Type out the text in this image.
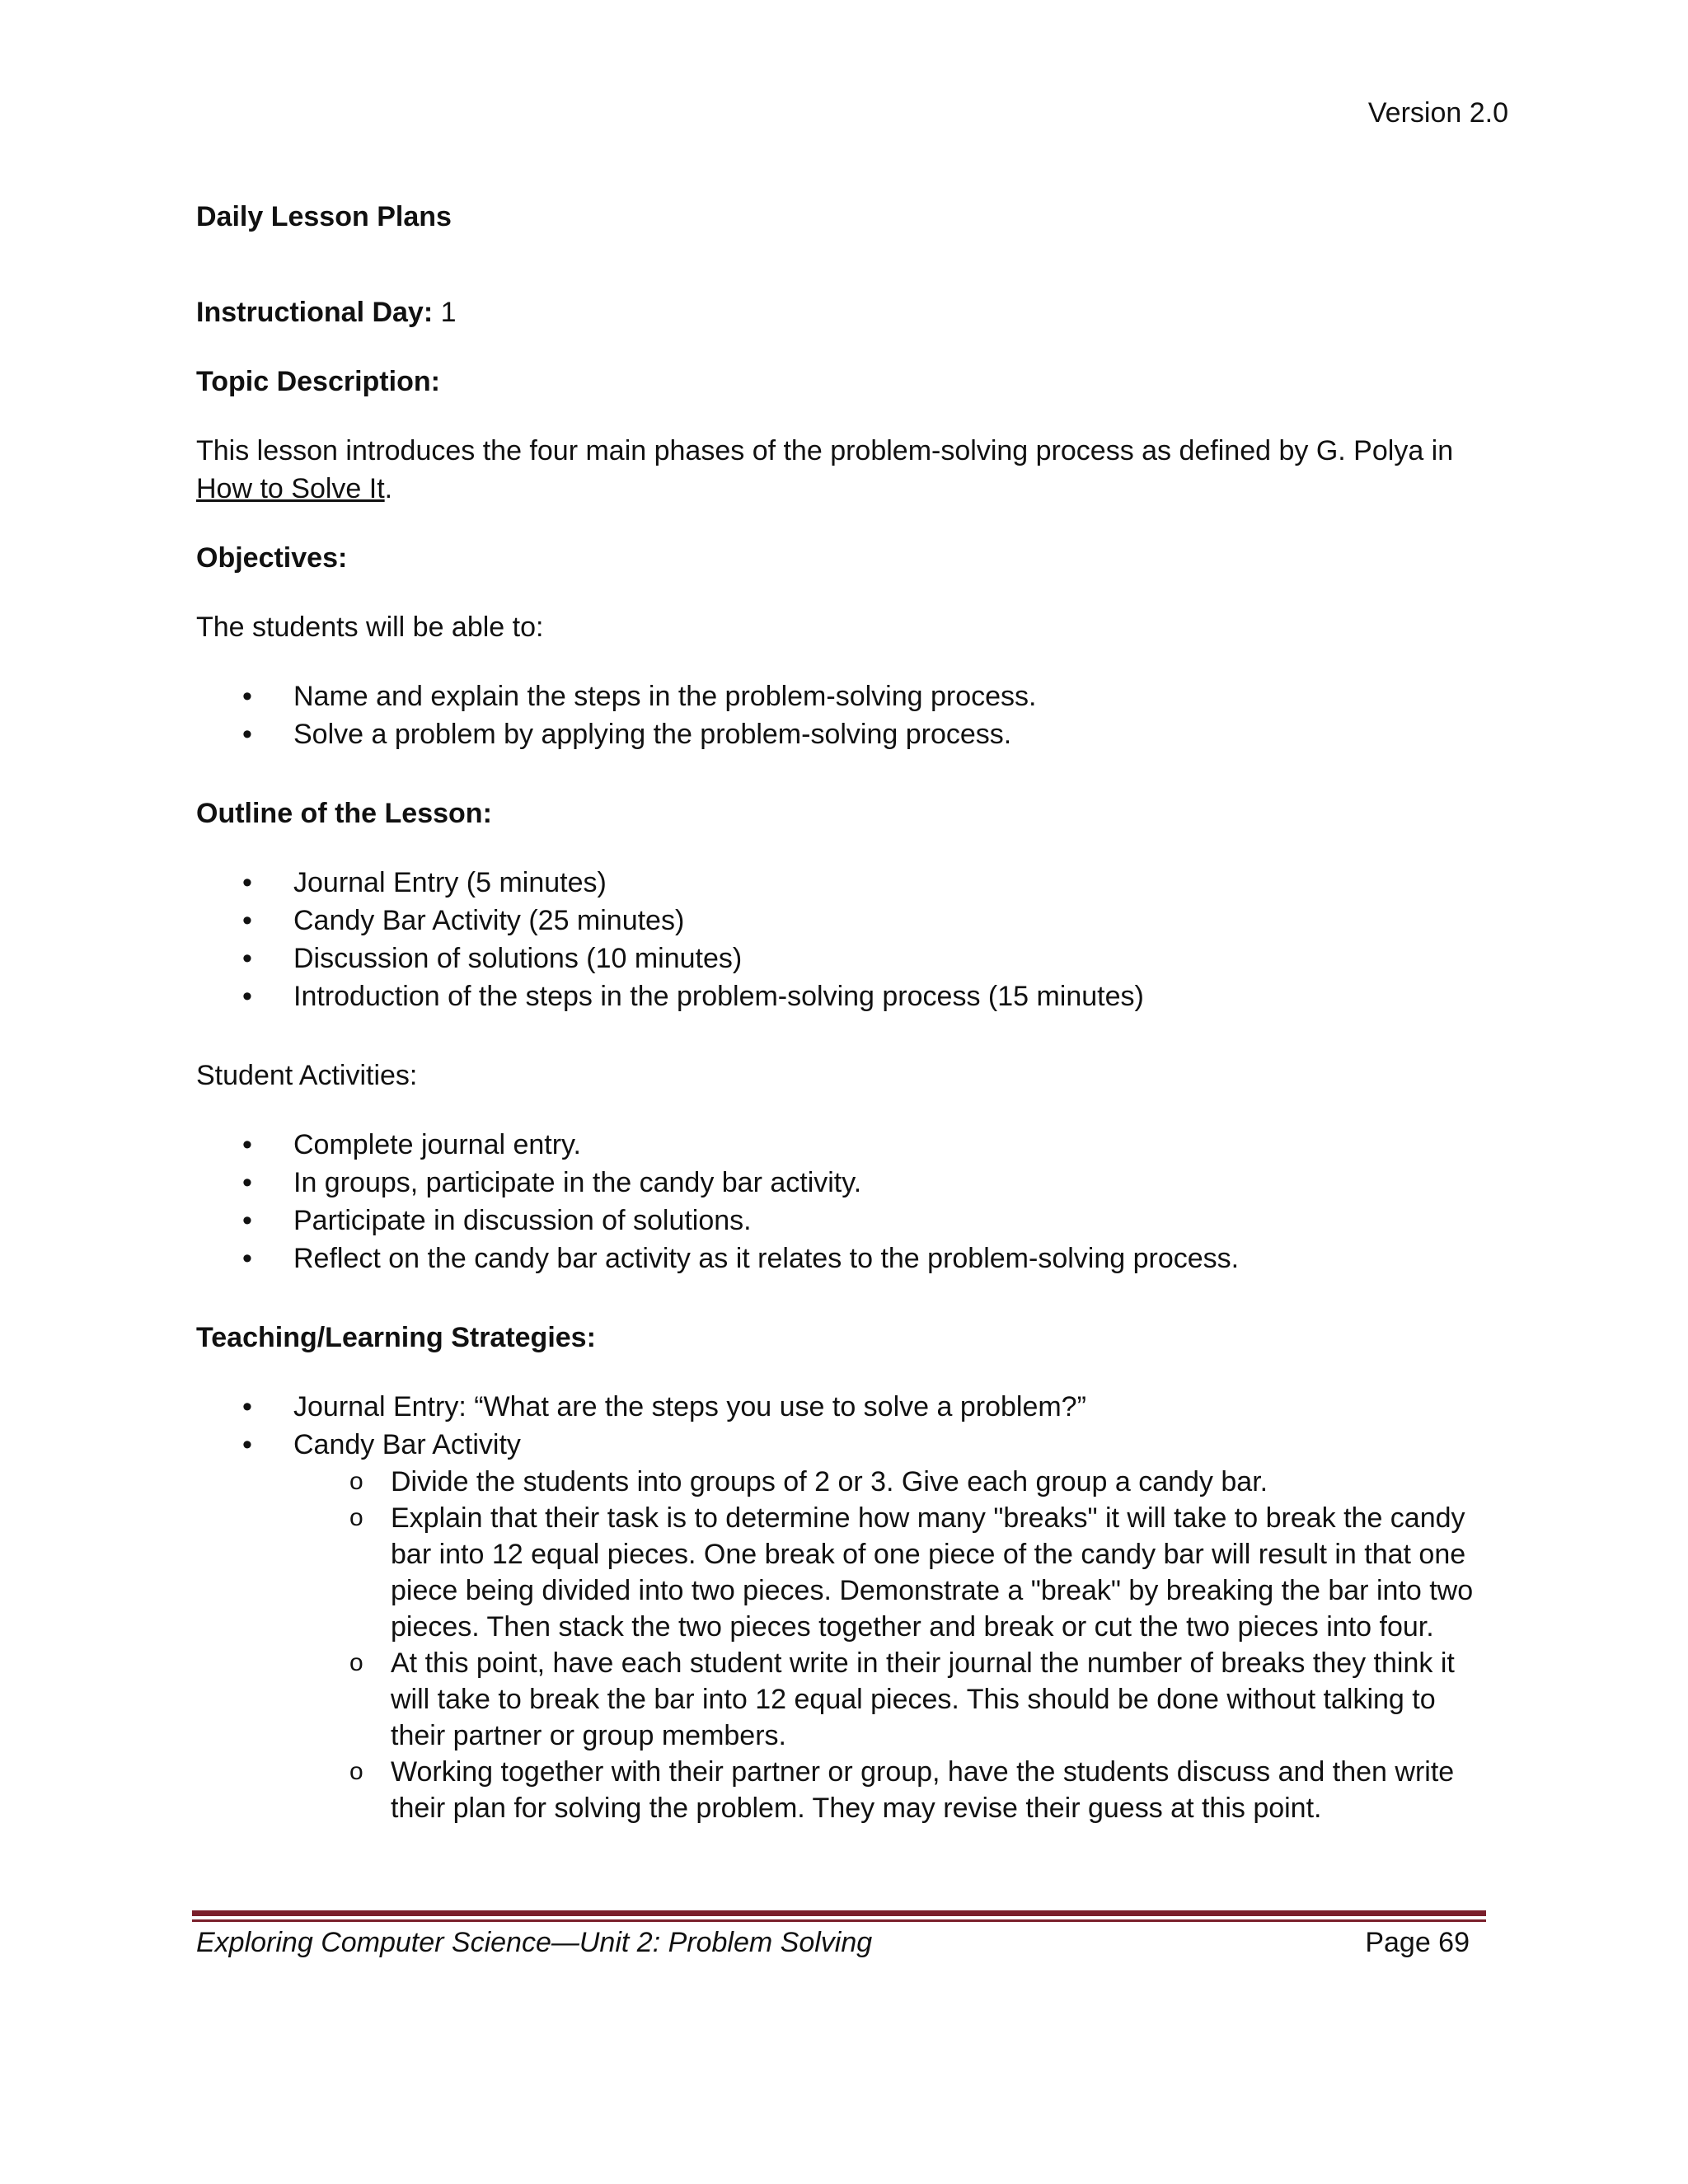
Version 2.0
Daily Lesson Plans

Instructional Day: 1

Topic Description:

This lesson introduces the four main phases of the problem-solving process as defined by G. Polya in
How to Solve It.

Objectives:

The students will be able to:

• Name and explain the steps in the problem-solving process.
• Solve a problem by applying the problem-solving process.

Outline of the Lesson:

• Journal Entry (5 minutes)
• Candy Bar Activity (25 minutes)
• Discussion of solutions (10 minutes)
• Introduction of the steps in the problem-solving process (15 minutes)

Student Activities:

• Complete journal entry.
• In groups, participate in the candy bar activity.
• Participate in discussion of solutions.
• Reflect on the candy bar activity as it relates to the problem-solving process.

Teaching/Learning Strategies:

• Journal Entry: “What are the steps you use to solve a problem?”
• Candy Bar Activity
o Divide the students into groups of 2 or 3. Give each group a candy bar.
o Explain that their task is to determine how many "breaks" it will take to break the candy bar into 12 equal pieces. One break of one piece of the candy bar will result in that one piece being divided into two pieces. Demonstrate a "break" by breaking the bar into two pieces. Then stack the two pieces together and break or cut the two pieces into four.
o At this point, have each student write in their journal the number of breaks they think it will take to break the bar into 12 equal pieces. This should be done without talking to their partner or group members.
o Working together with their partner or group, have the students discuss and then write their plan for solving the problem. They may revise their guess at this point.
Exploring Computer Science—Unit 2: Problem Solving	Page 69
